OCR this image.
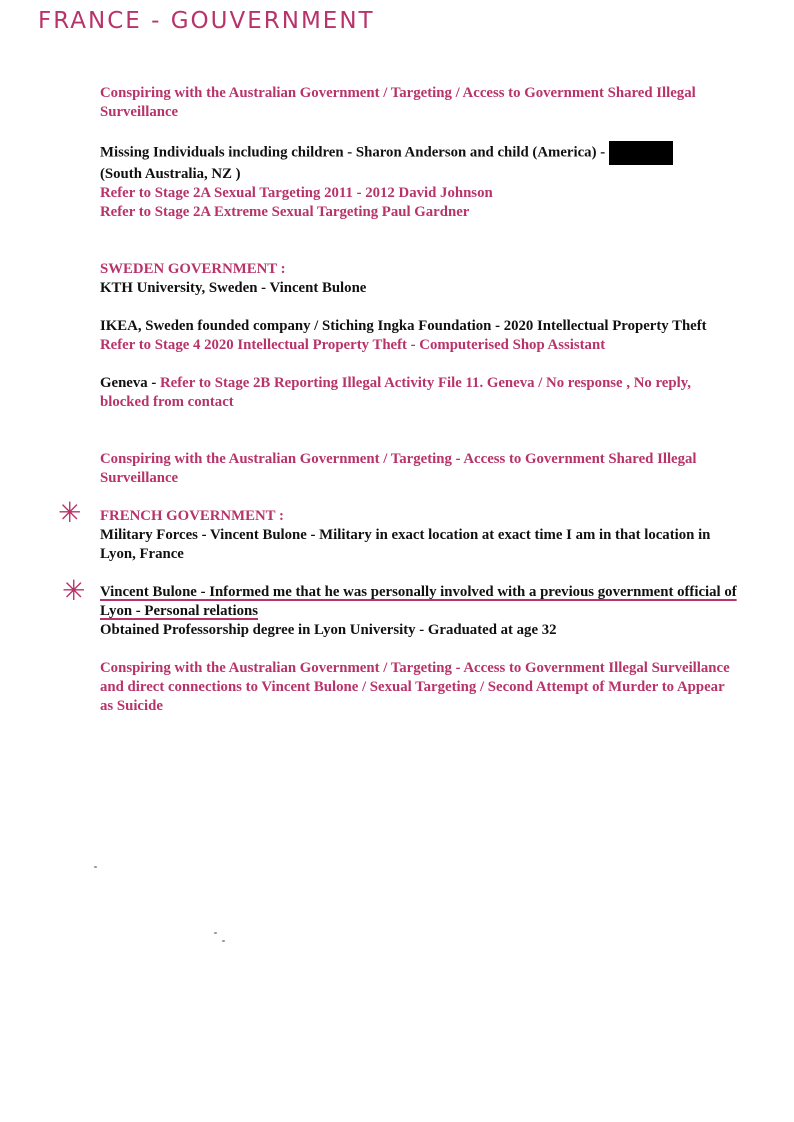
FRANCE - GOUVERNMENT

Conspiring with the Australian Government / Targeting / Access to Government Shared Illegal Surveillance

Missing Individuals including children - Sharon Anderson and child (America) -
(South Australia, NZ )
Refer to Stage 2A Sexual Targeting 2011 - 2012 David Johnson
Refer to Stage 2A Extreme Sexual Targeting Paul Gardner
SWEDEN GOVERNMENT :
KTH University, Sweden - Vincent Bulone
IKEA, Sweden founded company / Stiching Ingka Foundation - 2020 Intellectual Property Theft
Refer to Stage 4 2020 Intellectual Property Theft - Computerised Shop Assistant

Geneva - Refer to Stage 2B Reporting Illegal Activity File 11. Geneva / No response , No reply, blocked from contact

Conspiring with the Australian Government / Targeting - Access to Government Shared Illegal Surveillance

✳ FRENCH GOVERNMENT :
Military Forces - Vincent Bulone - Military in exact location at exact time I am in that location in Lyon, France
✳ Vincent Bulone - Informed me that he was personally involved with a previous government official of Lyon - Personal relations
Obtained Professorship degree in Lyon University - Graduated at age 32

Conspiring with the Australian Government / Targeting - Access to Government Illegal Surveillance and direct connections to Vincent Bulone / Sexual Targeting / Second Attempt of Murder to Appear as Suicide
